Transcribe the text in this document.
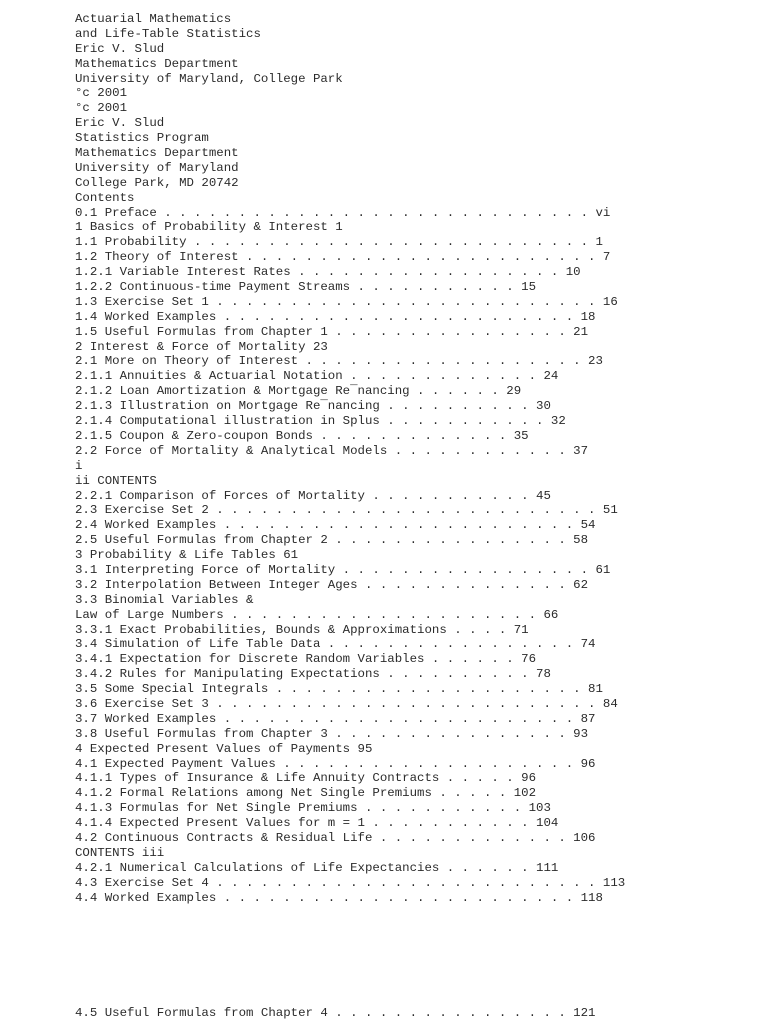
Actuarial Mathematics
and Life-Table Statistics
Eric V. Slud
Mathematics Department
University of Maryland, College Park
°c 2001
°c 2001
Eric V. Slud
Statistics Program
Mathematics Department
University of Maryland
College Park, MD 20742
Contents
0.1 Preface . . . . . . . . . . . . . . . . . . . . . . . . . . . . . vi
1 Basics of Probability & Interest 1
1.1 Probability . . . . . . . . . . . . . . . . . . . . . . . . . . . 1
1.2 Theory of Interest . . . . . . . . . . . . . . . . . . . . . . . . 7
1.2.1 Variable Interest Rates . . . . . . . . . . . . . . . . . . 10
1.2.2 Continuous-time Payment Streams . . . . . . . . . . . 15
1.3 Exercise Set 1 . . . . . . . . . . . . . . . . . . . . . . . . . . 16
1.4 Worked Examples . . . . . . . . . . . . . . . . . . . . . . . . 18
1.5 Useful Formulas from Chapter 1 . . . . . . . . . . . . . . . . 21
2 Interest & Force of Mortality 23
2.1 More on Theory of Interest . . . . . . . . . . . . . . . . . . . 23
2.1.1 Annuities & Actuarial Notation . . . . . . . . . . . . . 24
2.1.2 Loan Amortization & Mortgage Re¯nancing . . . . . . 29
2.1.3 Illustration on Mortgage Re¯nancing . . . . . . . . . . 30
2.1.4 Computational illustration in Splus . . . . . . . . . . . 32
2.1.5 Coupon & Zero-coupon Bonds . . . . . . . . . . . . . 35
2.2 Force of Mortality & Analytical Models . . . . . . . . . . . . 37
i
ii CONTENTS
2.2.1 Comparison of Forces of Mortality . . . . . . . . . . . 45
2.3 Exercise Set 2 . . . . . . . . . . . . . . . . . . . . . . . . . . 51
2.4 Worked Examples . . . . . . . . . . . . . . . . . . . . . . . . 54
2.5 Useful Formulas from Chapter 2 . . . . . . . . . . . . . . . . 58
3 Probability & Life Tables 61
3.1 Interpreting Force of Mortality . . . . . . . . . . . . . . . . . 61
3.2 Interpolation Between Integer Ages . . . . . . . . . . . . . . 62
3.3 Binomial Variables &
Law of Large Numbers . . . . . . . . . . . . . . . . . . . . . 66
3.3.1 Exact Probabilities, Bounds & Approximations . . . . 71
3.4 Simulation of Life Table Data . . . . . . . . . . . . . . . . . 74
3.4.1 Expectation for Discrete Random Variables . . . . . . 76
3.4.2 Rules for Manipulating Expectations . . . . . . . . . . 78
3.5 Some Special Integrals . . . . . . . . . . . . . . . . . . . . . 81
3.6 Exercise Set 3 . . . . . . . . . . . . . . . . . . . . . . . . . . 84
3.7 Worked Examples . . . . . . . . . . . . . . . . . . . . . . . . 87
3.8 Useful Formulas from Chapter 3 . . . . . . . . . . . . . . . . 93
4 Expected Present Values of Payments 95
4.1 Expected Payment Values . . . . . . . . . . . . . . . . . . . . 96
4.1.1 Types of Insurance & Life Annuity Contracts . . . . . 96
4.1.2 Formal Relations among Net Single Premiums . . . . . 102
4.1.3 Formulas for Net Single Premiums . . . . . . . . . . . 103
4.1.4 Expected Present Values for m = 1 . . . . . . . . . . . 104
4.2 Continuous Contracts & Residual Life . . . . . . . . . . . . . 106
CONTENTS iii
4.2.1 Numerical Calculations of Life Expectancies . . . . . . 111
4.3 Exercise Set 4 . . . . . . . . . . . . . . . . . . . . . . . . . . 113
4.4 Worked Examples . . . . . . . . . . . . . . . . . . . . . . . . 118
4.5 Useful Formulas from Chapter 4 . . . . . . . . . . . . . . . . 121
